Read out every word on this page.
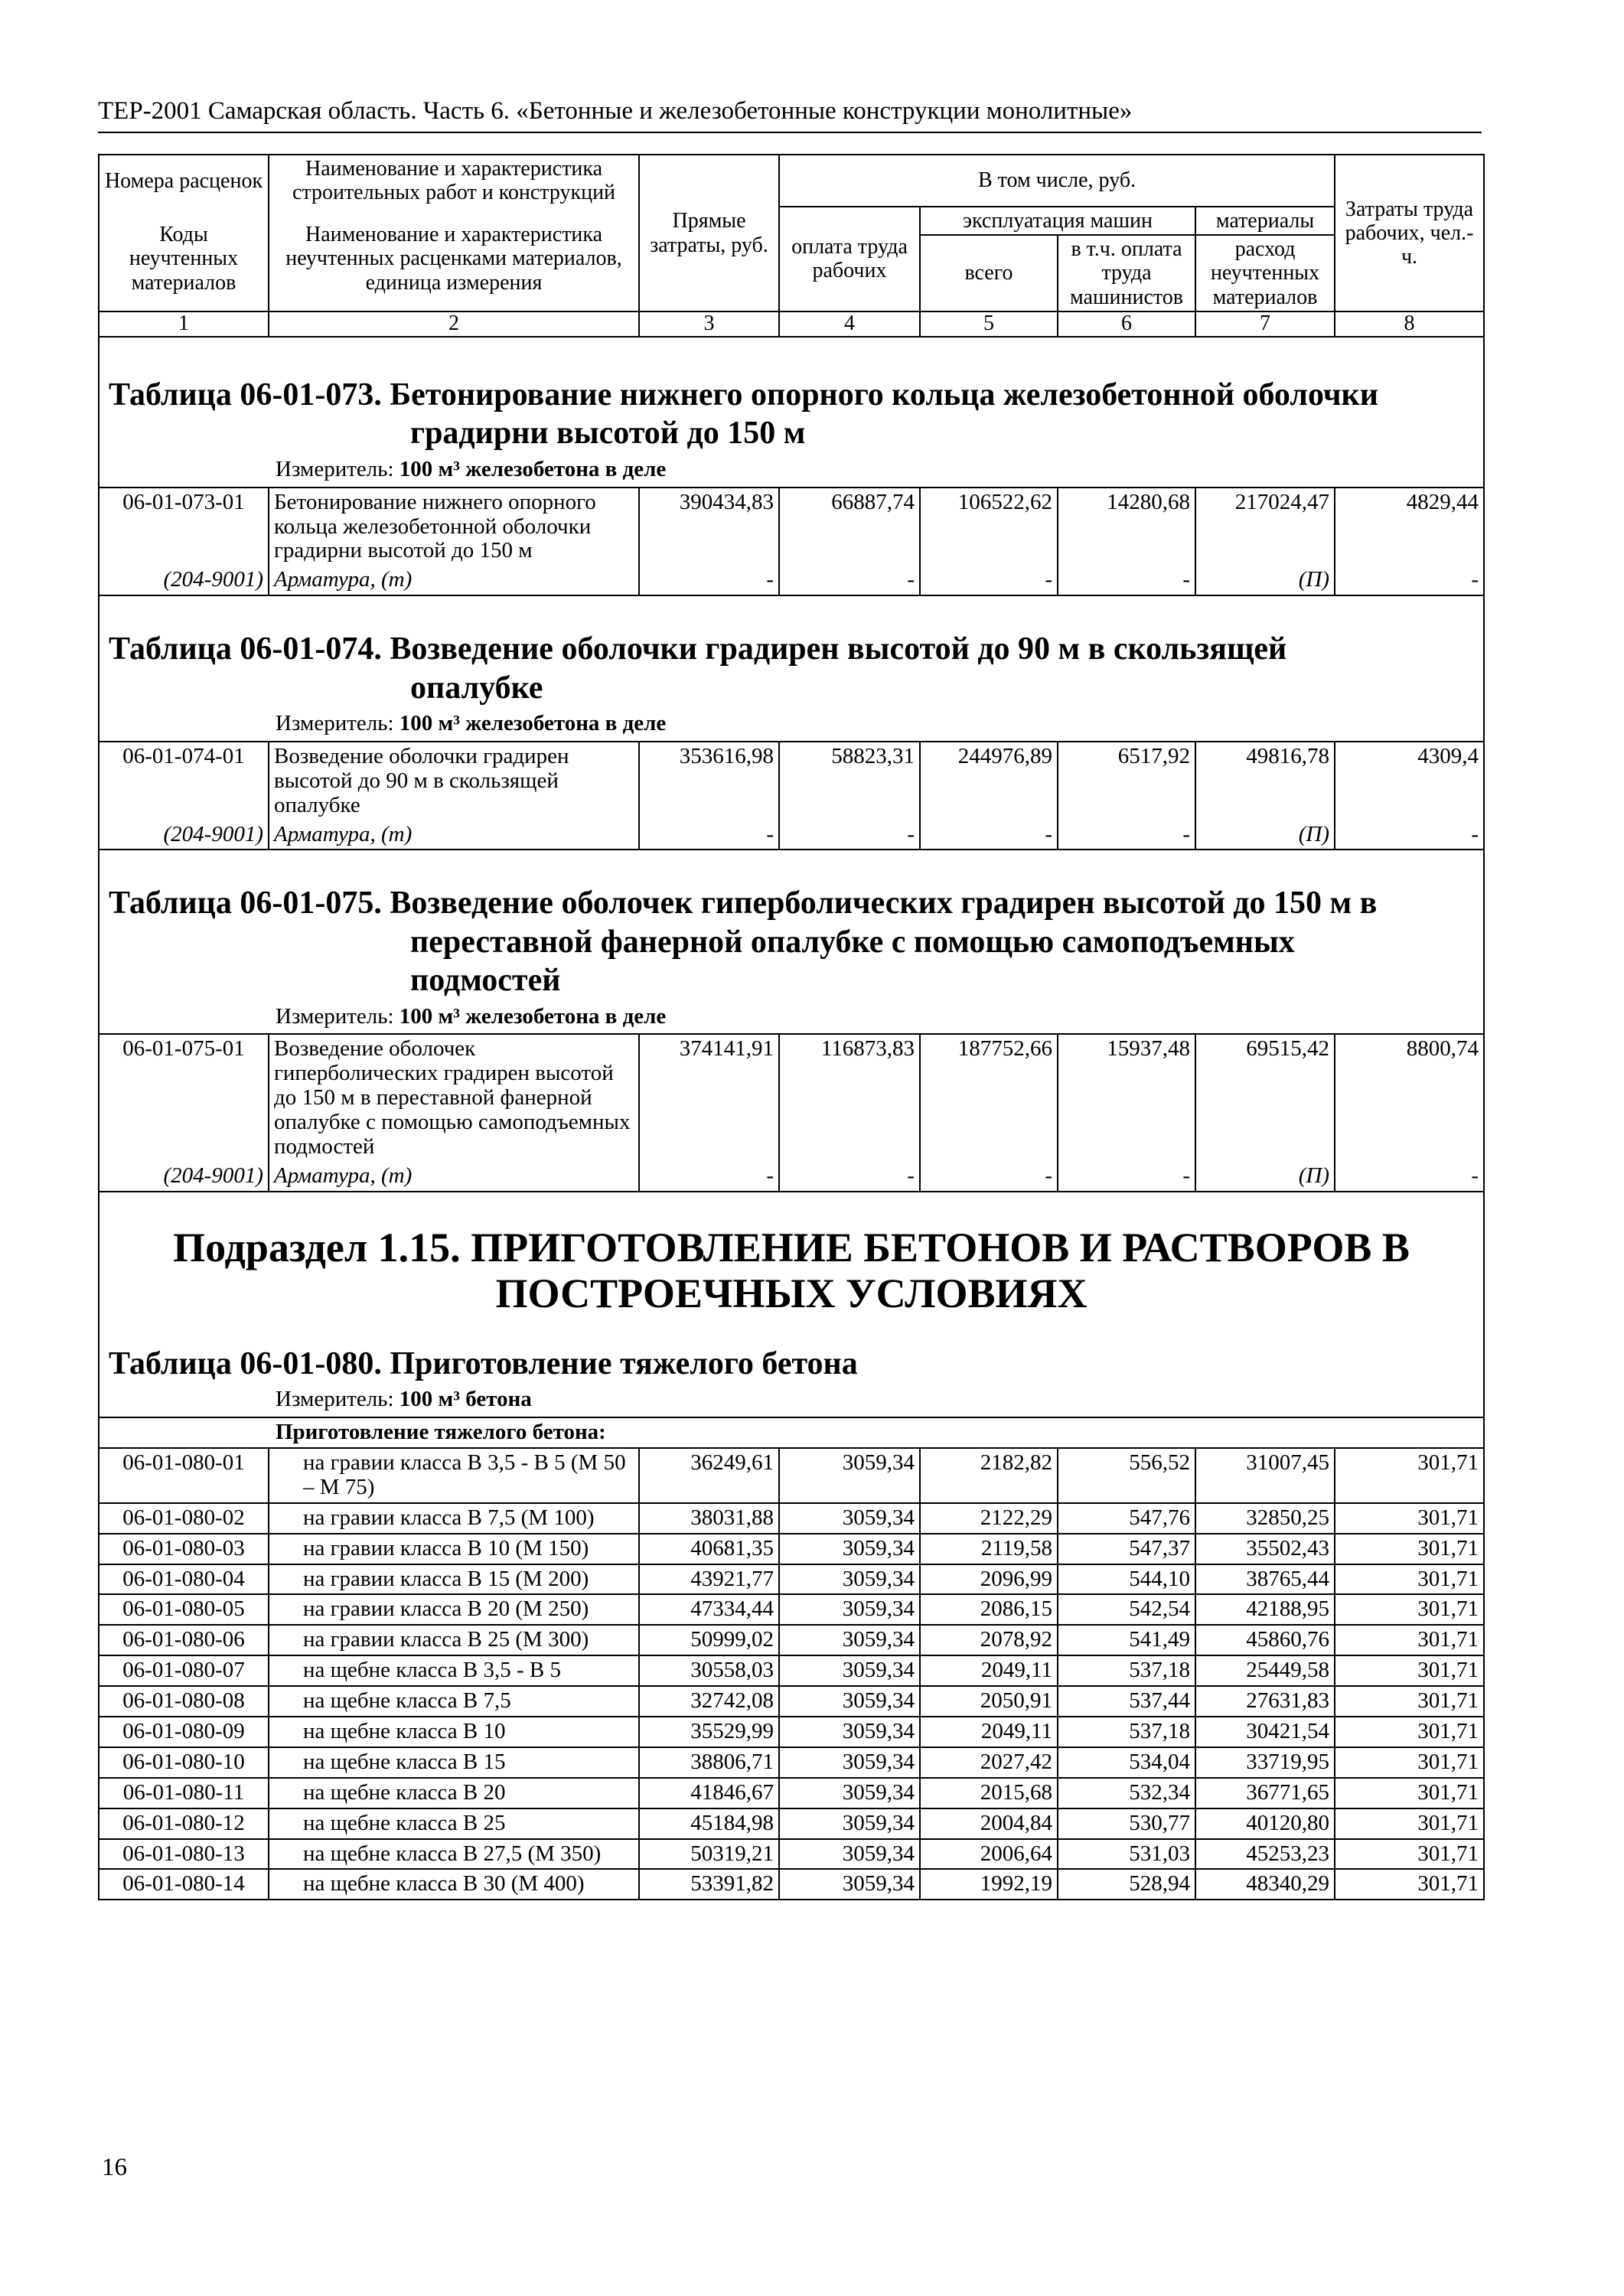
ТЕР-2001 Самарская область. Часть 6. «Бетонные и железобетонные конструкции монолитные»
Номера расценок	Наименование и характеристика строительных работ и конструкций	Прямые затраты, руб.	В том числе, руб.				Затраты труда рабочих, чел.-ч.
Коды неучтенных материалов	Наименование и характеристика неучтенных расценками материалов, единица измерения		оплата труда рабочих	эксплуатация машин		материалы	
				всего	в т.ч. оплата труда машинистов	расход неучтенных материалов	
1	2	3	4	5	6	7	8

Таблица 06-01-073. Бетонирование нижнего опорного кольца железобетонной оболочки
градирни высотой до 150 м
Измеритель: 100 м³ железобетона в деле							

06-01-073-01	Бетонирование нижнего опорного кольца железобетонной оболочки градирни высотой до 150 м	390434,83	66887,74	106522,62	14280,68	217024,47	4829,44
(204-9001)	Арматура, (т)	-	-	-	-	(П)	-

Таблица 06-01-074. Возведение оболочки градирен высотой до 90 м в скользящей
опалубке
Измеритель: 100 м³ железобетона в деле							

06-01-074-01	Возведение оболочки градирен высотой до 90 м в скользящей опалубке	353616,98	58823,31	244976,89	6517,92	49816,78	4309,4
(204-9001)	Арматура, (т)	-	-	-	-	(П)	-

Таблица 06-01-075. Возведение оболочек гиперболических градирен высотой до 150 м в
переставной фанерной опалубке с помощью самоподъемных
подмостей
Измеритель: 100 м³ железобетона в деле							

06-01-075-01	Возведение оболочек гиперболических градирен высотой до 150 м в переставной фанерной опалубке с помощью самоподъемных подмостей	374141,91	116873,83	187752,66	15937,48	69515,42	8800,74
(204-9001)	Арматура, (т)	-	-	-	-	(П)	-

Подраздел 1.15. ПРИГОТОВЛЕНИЕ БЕТОНОВ И РАСТВОРОВ В
ПОСТРОЕЧНЫХ УСЛОВИЯХ
Таблица 06-01-080. Приготовление тяжелого бетона
Измеритель: 100 м³ бетона							

Приготовление тяжелого бетона:							
06-01-080-01	на гравии класса В 3,5 - В 5 (М 50 – М 75)	36249,61	3059,34	2182,82	556,52	31007,45	301,71
06-01-080-02	на гравии класса В 7,5 (М 100)	38031,88	3059,34	2122,29	547,76	32850,25	301,71
06-01-080-03	на гравии класса В 10 (М 150)	40681,35	3059,34	2119,58	547,37	35502,43	301,71
06-01-080-04	на гравии класса В 15 (М 200)	43921,77	3059,34	2096,99	544,10	38765,44	301,71
06-01-080-05	на гравии класса В 20 (М 250)	47334,44	3059,34	2086,15	542,54	42188,95	301,71
06-01-080-06	на гравии класса В 25 (М 300)	50999,02	3059,34	2078,92	541,49	45860,76	301,71
06-01-080-07	на щебне класса В 3,5 - В 5	30558,03	3059,34	2049,11	537,18	25449,58	301,71
06-01-080-08	на щебне класса В 7,5	32742,08	3059,34	2050,91	537,44	27631,83	301,71
06-01-080-09	на щебне класса В 10	35529,99	3059,34	2049,11	537,18	30421,54	301,71
06-01-080-10	на щебне класса В 15	38806,71	3059,34	2027,42	534,04	33719,95	301,71
06-01-080-11	на щебне класса В 20	41846,67	3059,34	2015,68	532,34	36771,65	301,71
06-01-080-12	на щебне класса В 25	45184,98	3059,34	2004,84	530,77	40120,80	301,71
06-01-080-13	на щебне класса В 27,5 (М 350)	50319,21	3059,34	2006,64	531,03	45253,23	301,71
06-01-080-14	на щебне класса В 30 (М 400)	53391,82	3059,34	1992,19	528,94	48340,29	301,71
16
